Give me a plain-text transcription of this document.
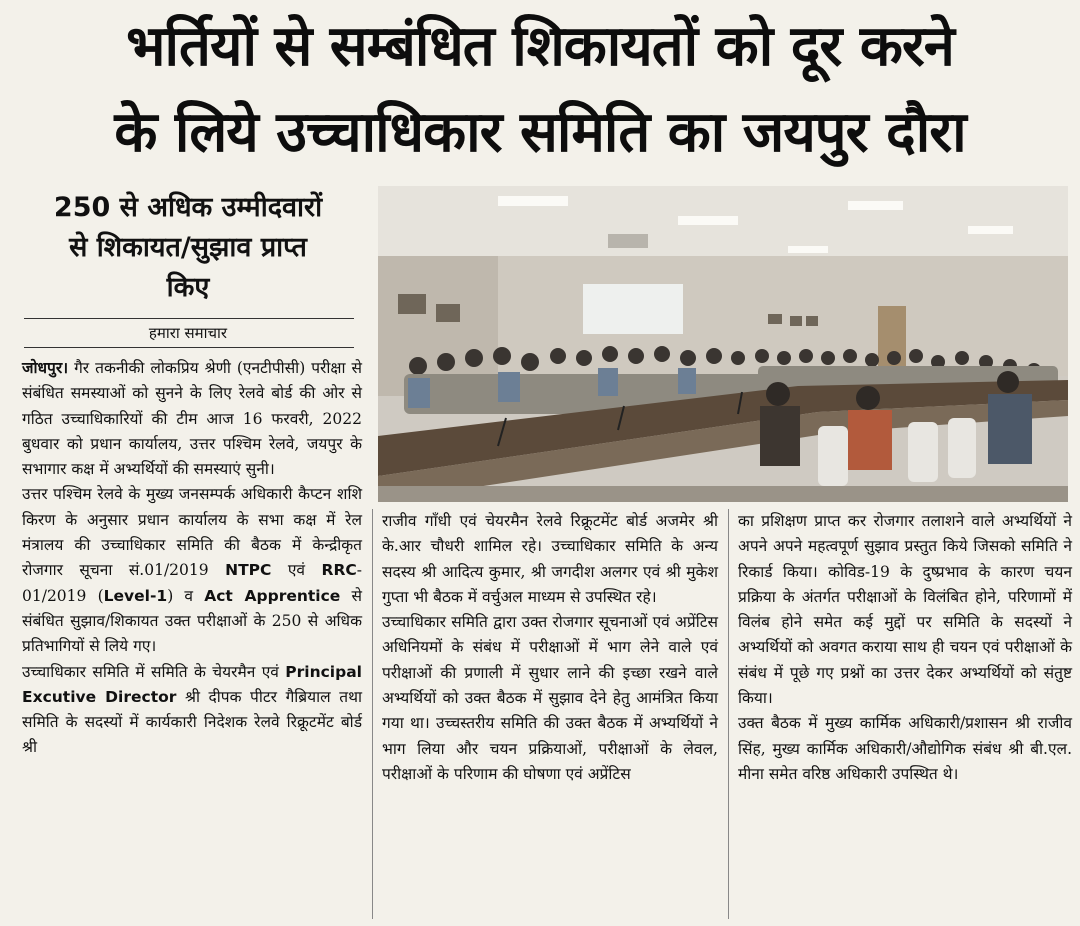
भर्तियों से सम्बंधित शिकायतों को दूर करने
के लिये उच्चाधिकार समिति का जयपुर दौरा
250 से अधिक उम्मीदवारों
से शिकायत/सुझाव प्राप्त
किए
हमारा समाचार

जोधपुर। गैर तकनीकी लोकप्रिय श्रेणी (एनटीपीसी) परीक्षा से संबंधित समस्याओं को सुनने के लिए रेलवे बोर्ड की ओर से गठित उच्चाधिकारियों की टीम आज 16 फरवरी, 2022 बुधवार को प्रधान कार्यालय, उत्तर पश्चिम रेलवे, जयपुर के सभागार कक्ष में अभ्यर्थियों की समस्याएं सुनी।

उत्तर पश्चिम रेलवे के मुख्य जनसम्पर्क अधिकारी कैप्टन शशि किरण के अनुसार प्रधान कार्यालय के सभा कक्ष में रेल मंत्रालय की उच्चाधिकार समिति की बैठक में केन्द्रीकृत रोजगार सूचना सं.01/2019 NTPC एवं RRC-01/2019 (Level-1) व Act Apprentice से संबंधित सुझाव/शिकायत उक्त परीक्षाओं के 250 से अधिक प्रतिभागियों से लिये गए।

उच्चाधिकार समिति में समिति के चेयरमैन एवं Principal Excutive Director श्री दीपक पीटर गैब्रियाल तथा समिति के सदस्यों में कार्यकारी निदेशक रेलवे रिक्रूटमेंट बोर्ड श्री

राजीव गाँधी एवं चेयरमैन रेलवे रिक्रूटमेंट बोर्ड अजमेर श्री के.आर चौधरी शामिल रहे। उच्चाधिकार समिति के अन्य सदस्य श्री आदित्य कुमार, श्री जगदीश अलगर एवं श्री मुकेश गुप्ता भी बैठक में वर्चुअल माध्यम से उपस्थित रहे।

उच्चाधिकार समिति द्वारा उक्त रोजगार सूचनाओं एवं अप्रेंटिस अधिनियमों के संबंध में परीक्षाओं में भाग लेने वाले एवं परीक्षाओं की प्रणाली में सुधार लाने की इच्छा रखने वाले अभ्यर्थियों को उक्त बैठक में सुझाव देने हेतु आमंत्रित किया गया था। उच्चस्तरीय समिति की उक्त बैठक में अभ्यर्थियों ने भाग लिया और चयन प्रक्रियाओं, परीक्षाओं के लेवल, परीक्षाओं के परिणाम की घोषणा एवं अप्रेंटिस

का प्रशिक्षण प्राप्त कर रोजगार तलाशने वाले अभ्यर्थियों ने अपने अपने महत्वपूर्ण सुझाव प्रस्तुत किये जिसको समिति ने रिकार्ड किया। कोविड-19 के दुष्प्रभाव के कारण चयन प्रक्रिया के अंतर्गत परीक्षाओं के विलंबित होने, परिणामों में विलंब होने समेत कई मुद्दों पर समिति के सदस्यों ने अभ्यर्थियों को अवगत कराया साथ ही चयन एवं परीक्षाओं के संबंध में पूछे गए प्रश्नों का उत्तर देकर अभ्यर्थियों को संतुष्ट किया।

उक्त बैठक में मुख्य कार्मिक अधिकारी/प्रशासन श्री राजीव सिंह, मुख्य कार्मिक अधिकारी/औद्योगिक संबंध श्री बी.एल. मीना समेत वरिष्ठ अधिकारी उपस्थित थे।
